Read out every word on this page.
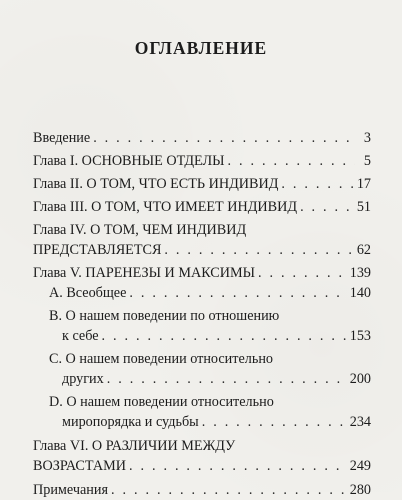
ОГЛАВЛЕНИЕ
Введение . . .	3
Глава I. ОСНОВНЫЕ ОТДЕЛЫ . . .	5
Глава II. О ТОМ, ЧТО ЕСТЬ ИНДИВИД . . .	17
Глава III. О ТОМ, ЧТО ИМЕЕТ ИНДИВИД . . .	51
Глава IV. О ТОМ, ЧЕМ ИНДИВИД
ПРЕДСТАВЛЯЕТСЯ . . .	62
Глава V. ПАРЕНЕЗЫ И МАКСИМЫ . . .	139
A. Всеобщее . . .	140
B. О нашем поведении по отношению
к себе . . .	153
C. О нашем поведении относительно
других . . .	200
D. О нашем поведении относительно
миропорядка и судьбы . . .	234
Глава VI. О РАЗЛИЧИИ МЕЖДУ
ВОЗРАСТАМИ . . .	249
Примечания . . .	280
